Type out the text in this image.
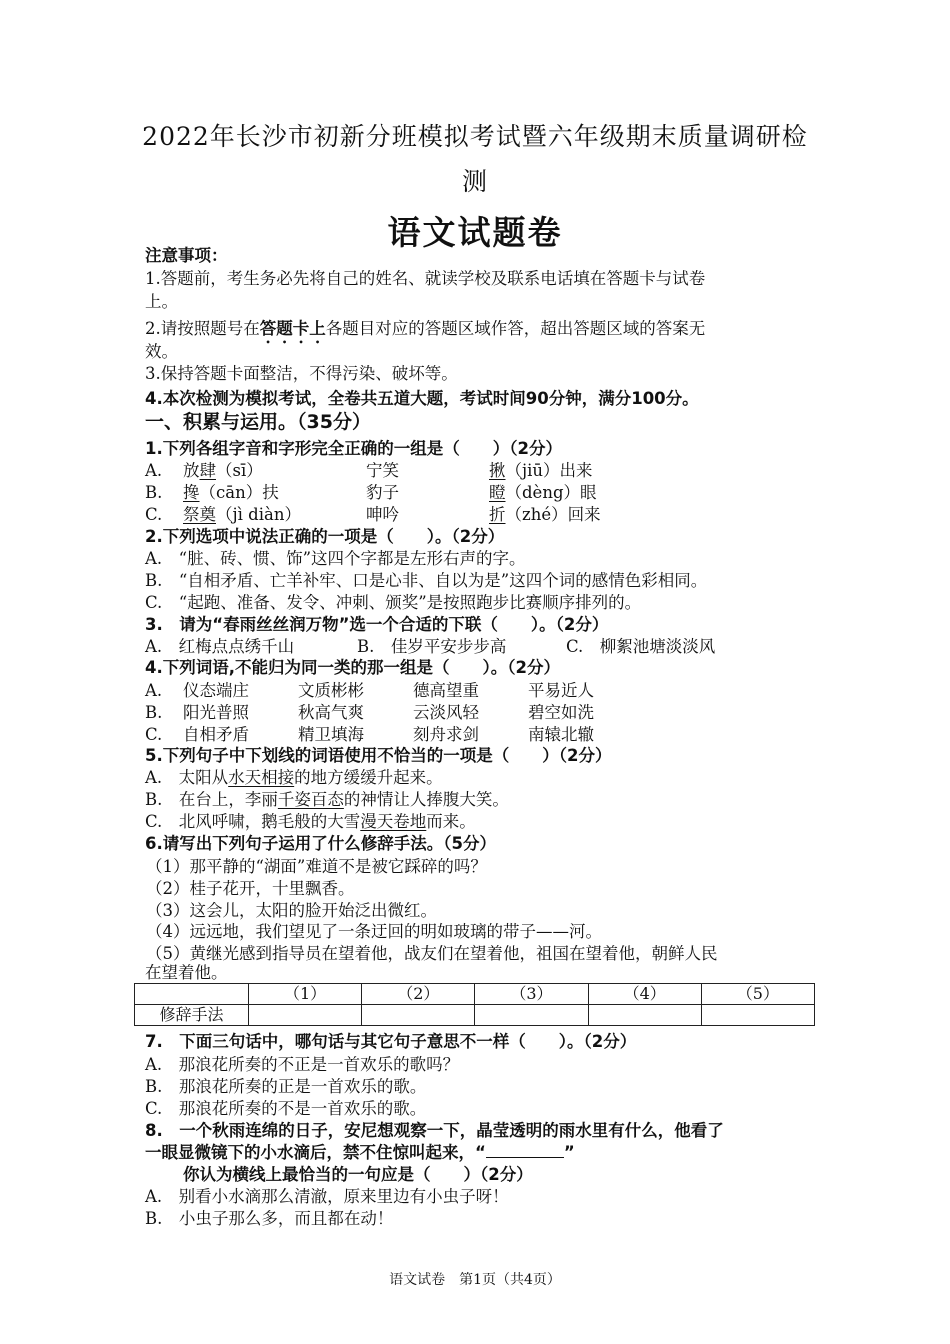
2022年长沙市初新分班模拟考试暨六年级期末质量调研检
测
语文试题卷
注意事项：
1.答题前，考生务必先将自己的姓名、就读学校及联系电话填在答题卡与试卷
上。
2.请按照题号在答题卡上各题目对应的答题区域作答，超出答题区域的答案无
效。
3.保持答题卡面整洁，不得污染、破坏等。
4.本次检测为模拟考试，全卷共五道大题，考试时间90分钟，满分100分。
一、积累与运用。（35分）
1.下列各组字音和字形完全正确的一组是（　　）（2分）
A. 放肆（sī）	宁笑	揪（jiū）出来
B. 搀（cān）扶	豹子	瞪（dèng）眼
C. 祭奠（jì diàn）	呻吟	折（zhé）回来
2.下列选项中说法正确的一项是（　　）。（2分）
A.　“脏、砖、惯、饰”这四个字都是左形右声的字。
B.　“自相矛盾、亡羊补牢、口是心非、自以为是”这四个词的感情色彩相同。
C.　“起跑、准备、发令、冲刺、颁奖”是按照跑步比赛顺序排列的。
3.　请为“春雨丝丝润万物”选一个合适的下联（　　）。（2分）
A.　红梅点点绣千山	B.　佳岁平安步步高	C.　柳絮池塘淡淡风
4.下列词语,不能归为同一类的那一组是（　　）。（2分）
A. 仪态端庄	文质彬彬	德高望重	平易近人
B. 阳光普照	秋高气爽	云淡风轻	碧空如洗
C. 自相矛盾	精卫填海	刻舟求剑	南辕北辙
5.下列句子中下划线的词语使用不恰当的一项是（　　）（2分）
A.　太阳从水天相接的地方缓缓升起来。
B.　在台上，李丽千姿百态的神情让人捧腹大笑。
C.　北风呼啸，鹅毛般的大雪漫天卷地而来。
6.请写出下列句子运用了什么修辞手法。（5分）
（1）那平静的“湖面”难道不是被它踩碎的吗？
（2）桂子花开，十里飘香。
（3）这会儿，太阳的脸开始泛出微红。
（4）远远地，我们望见了一条迂回的明如玻璃的带子——河。
（5）黄继光感到指导员在望着他，战友们在望着他，祖国在望着他，朝鲜人民
在望着他。
	（1）	（2）	（3）	（4）	（5）
修辞手法					
7.　下面三句话中，哪句话与其它句子意思不一样（　　）。（2分）
A.　那浪花所奏的不正是一首欢乐的歌吗？
B.　那浪花所奏的正是一首欢乐的歌。
C.　那浪花所奏的不是一首欢乐的歌。
8.　一个秋雨连绵的日子，安尼想观察一下，晶莹透明的雨水里有什么，他看了
一眼显微镜下的小水滴后，禁不住惊叫起来，“	”
你认为横线上最恰当的一句应是（　　）（2分）
A.　别看小水滴那么清澈，原来里边有小虫子呀！
B.　小虫子那么多，而且都在动！
语文试卷　第1页（共4页）
